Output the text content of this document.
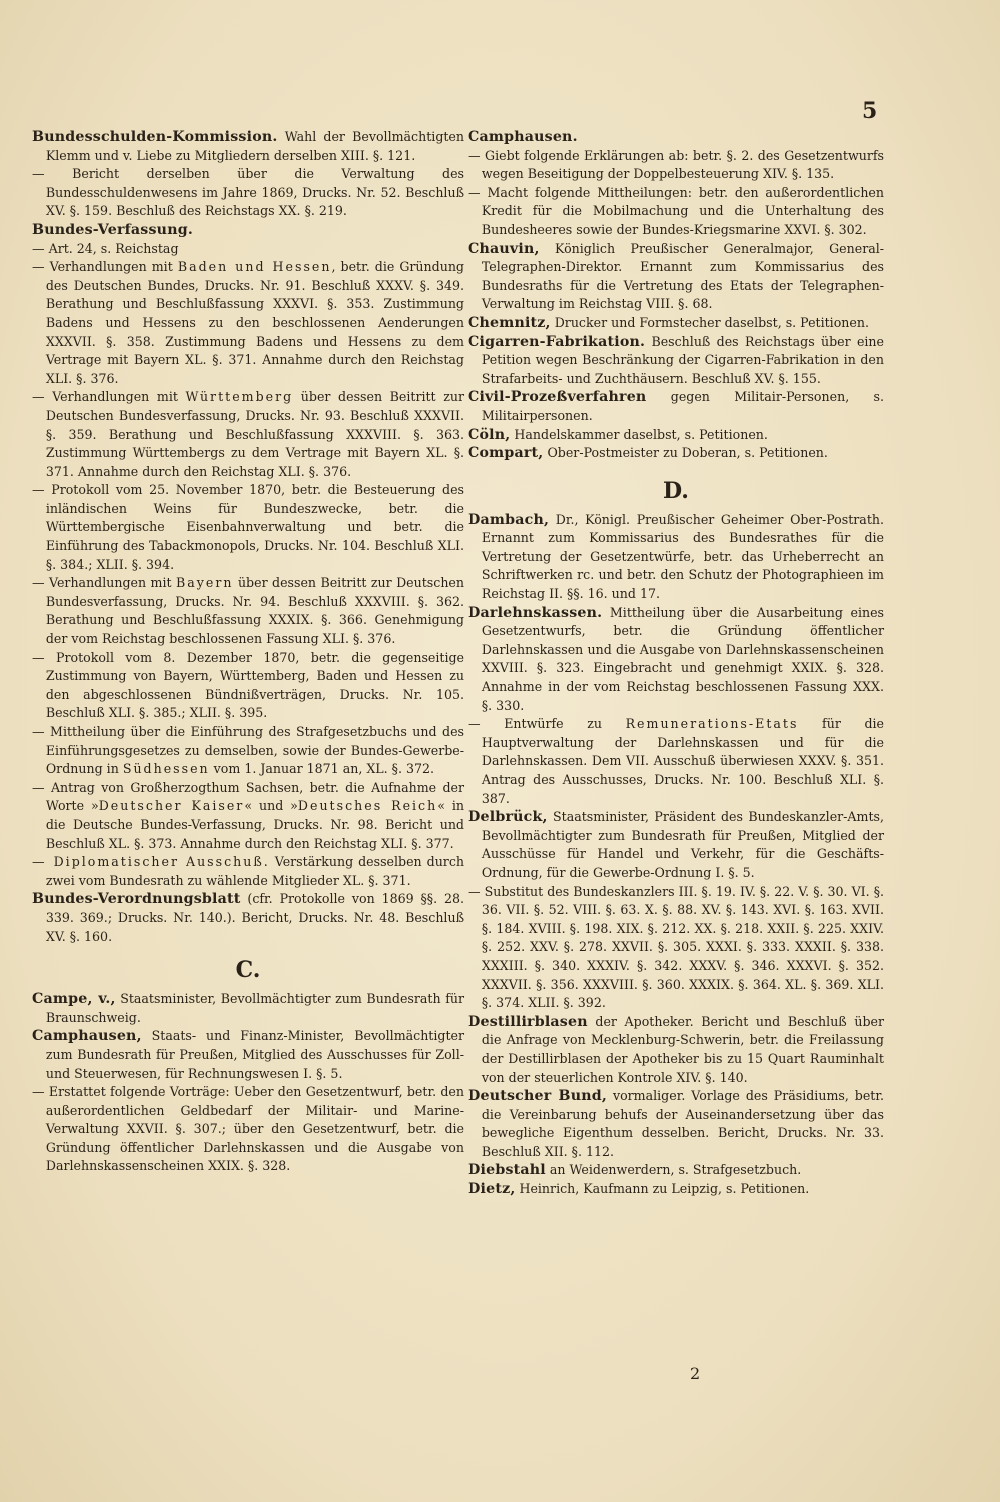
5

Bundesschulden-Kommission. Wahl der Bevollmächtigten Klemm und v. Liebe zu Mitgliedern derselben XIII. §. 121.

— Bericht derselben über die Verwaltung des Bundesschuldenwesens im Jahre 1869, Drucks. Nr. 52. Beschluß XV. §. 159. Beschluß des Reichstags XX. §. 219.

Bundes-Verfassung.

— Art. 24, s. Reichstag

— Verhandlungen mit Baden und Hessen, betr. die Gründung des Deutschen Bundes, Drucks. Nr. 91. Beschluß XXXV. §. 349. Berathung und Beschlußfassung XXXVI. §. 353. Zustimmung Badens und Hessens zu den beschlossenen Aenderungen XXXVII. §. 358. Zustimmung Badens und Hessens zu dem Vertrage mit Bayern XL. §. 371. Annahme durch den Reichstag XLI. §. 376.

— Verhandlungen mit Württemberg über dessen Beitritt zur Deutschen Bundesverfassung, Drucks. Nr. 93. Beschluß XXXVII. §. 359. Berathung und Beschlußfassung XXXVIII. §. 363. Zustimmung Württembergs zu dem Vertrage mit Bayern XL. §. 371. Annahme durch den Reichstag XLI. §. 376.

— Protokoll vom 25. November 1870, betr. die Besteuerung des inländischen Weins für Bundeszwecke, betr. die Württembergische Eisenbahnverwaltung und betr. die Einführung des Tabackmonopols, Drucks. Nr. 104. Beschluß XLI. §. 384.; XLII. §. 394.

— Verhandlungen mit Bayern über dessen Beitritt zur Deutschen Bundesverfassung, Drucks. Nr. 94. Beschluß XXXVIII. §. 362. Berathung und Beschlußfassung XXXIX. §. 366. Genehmigung der vom Reichstag beschlossenen Fassung XLI. §. 376.

— Protokoll vom 8. Dezember 1870, betr. die gegenseitige Zustimmung von Bayern, Württemberg, Baden und Hessen zu den abgeschlossenen Bündnißverträgen, Drucks. Nr. 105. Beschluß XLI. §. 385.; XLII. §. 395.

— Mittheilung über die Einführung des Strafgesetzbuchs und des Einführungsgesetzes zu demselben, sowie der Bundes-Gewerbe-Ordnung in Südhessen vom 1. Januar 1871 an, XL. §. 372.

— Antrag von Großherzogthum Sachsen, betr. die Aufnahme der Worte »Deutscher Kaiser« und »Deutsches Reich« in die Deutsche Bundes-Verfassung, Drucks. Nr. 98. Bericht und Beschluß XL. §. 373. Annahme durch den Reichstag XLI. §. 377.

— Diplomatischer Ausschuß. Verstärkung desselben durch zwei vom Bundesrath zu wählende Mitglieder XL. §. 371.

Bundes-Verordnungsblatt (cfr. Protokolle von 1869 §§. 28. 339. 369.; Drucks. Nr. 140.). Bericht, Drucks. Nr. 48. Beschluß XV. §. 160.

C.

Campe, v., Staatsminister, Bevollmächtigter zum Bundesrath für Braunschweig.

Camphausen, Staats- und Finanz-Minister, Bevollmächtigter zum Bundesrath für Preußen, Mitglied des Ausschusses für Zoll- und Steuerwesen, für Rechnungswesen I. §. 5.

— Erstattet folgende Vorträge: Ueber den Gesetzentwurf, betr. den außerordentlichen Geldbedarf der Militair- und Marine-Verwaltung XXVII. §. 307.; über den Gesetzentwurf, betr. die Gründung öffentlicher Darlehnskassen und die Ausgabe von Darlehnskassenscheinen XXIX. §. 328.

Camphausen.

— Giebt folgende Erklärungen ab: betr. §. 2. des Gesetzentwurfs wegen Beseitigung der Doppelbesteuerung XIV. §. 135.

— Macht folgende Mittheilungen: betr. den außerordentlichen Kredit für die Mobilmachung und die Unterhaltung des Bundesheeres sowie der Bundes-Kriegsmarine XXVI. §. 302.

Chauvin, Königlich Preußischer Generalmajor, General-Telegraphen-Direktor. Ernannt zum Kommissarius des Bundesraths für die Vertretung des Etats der Telegraphen-Verwaltung im Reichstag VIII. §. 68.

Chemnitz, Drucker und Formstecher daselbst, s. Petitionen.

Cigarren-Fabrikation. Beschluß des Reichstags über eine Petition wegen Beschränkung der Cigarren-Fabrikation in den Strafarbeits- und Zuchthäusern. Beschluß XV. §. 155.

Civil-Prozeßverfahren gegen Militair-Personen, s. Militairpersonen.

Cöln, Handelskammer daselbst, s. Petitionen.

Compart, Ober-Postmeister zu Doberan, s. Petitionen.

D.

Dambach, Dr., Königl. Preußischer Geheimer Ober-Postrath. Ernannt zum Kommissarius des Bundesrathes für die Vertretung der Gesetzentwürfe, betr. das Urheberrecht an Schriftwerken rc. und betr. den Schutz der Photographieen im Reichstag II. §§. 16. und 17.

Darlehnskassen. Mittheilung über die Ausarbeitung eines Gesetzentwurfs, betr. die Gründung öffentlicher Darlehnskassen und die Ausgabe von Darlehnskassenscheinen XXVIII. §. 323. Eingebracht und genehmigt XXIX. §. 328. Annahme in der vom Reichstag beschlossenen Fassung XXX. §. 330.

— Entwürfe zu Remunerations-Etats für die Hauptverwaltung der Darlehnskassen und für die Darlehnskassen. Dem VII. Ausschuß überwiesen XXXV. §. 351. Antrag des Ausschusses, Drucks. Nr. 100. Beschluß XLI. §. 387.

Delbrück, Staatsminister, Präsident des Bundeskanzler-Amts, Bevollmächtigter zum Bundesrath für Preußen, Mitglied der Ausschüsse für Handel und Verkehr, für die Geschäfts-Ordnung, für die Gewerbe-Ordnung I. §. 5.

— Substitut des Bundeskanzlers III. §. 19. IV. §. 22. V. §. 30. VI. §. 36. VII. §. 52. VIII. §. 63. X. §. 88. XV. §. 143. XVI. §. 163. XVII. §. 184. XVIII. §. 198. XIX. §. 212. XX. §. 218. XXII. §. 225. XXIV. §. 252. XXV. §. 278. XXVII. §. 305. XXXI. §. 333. XXXII. §. 338. XXXIII. §. 340. XXXIV. §. 342. XXXV. §. 346. XXXVI. §. 352. XXXVII. §. 356. XXXVIII. §. 360. XXXIX. §. 364. XL. §. 369. XLI. §. 374. XLII. §. 392.

Destillirblasen der Apotheker. Bericht und Beschluß über die Anfrage von Mecklenburg-Schwerin, betr. die Freilassung der Destillirblasen der Apotheker bis zu 15 Quart Rauminhalt von der steuerlichen Kontrole XIV. §. 140.

Deutscher Bund, vormaliger. Vorlage des Präsidiums, betr. die Vereinbarung behufs der Auseinandersetzung über das bewegliche Eigenthum desselben. Bericht, Drucks. Nr. 33. Beschluß XII. §. 112.

Diebstahl an Weidenwerdern, s. Strafgesetzbuch.

Dietz, Heinrich, Kaufmann zu Leipzig, s. Petitionen.

2
